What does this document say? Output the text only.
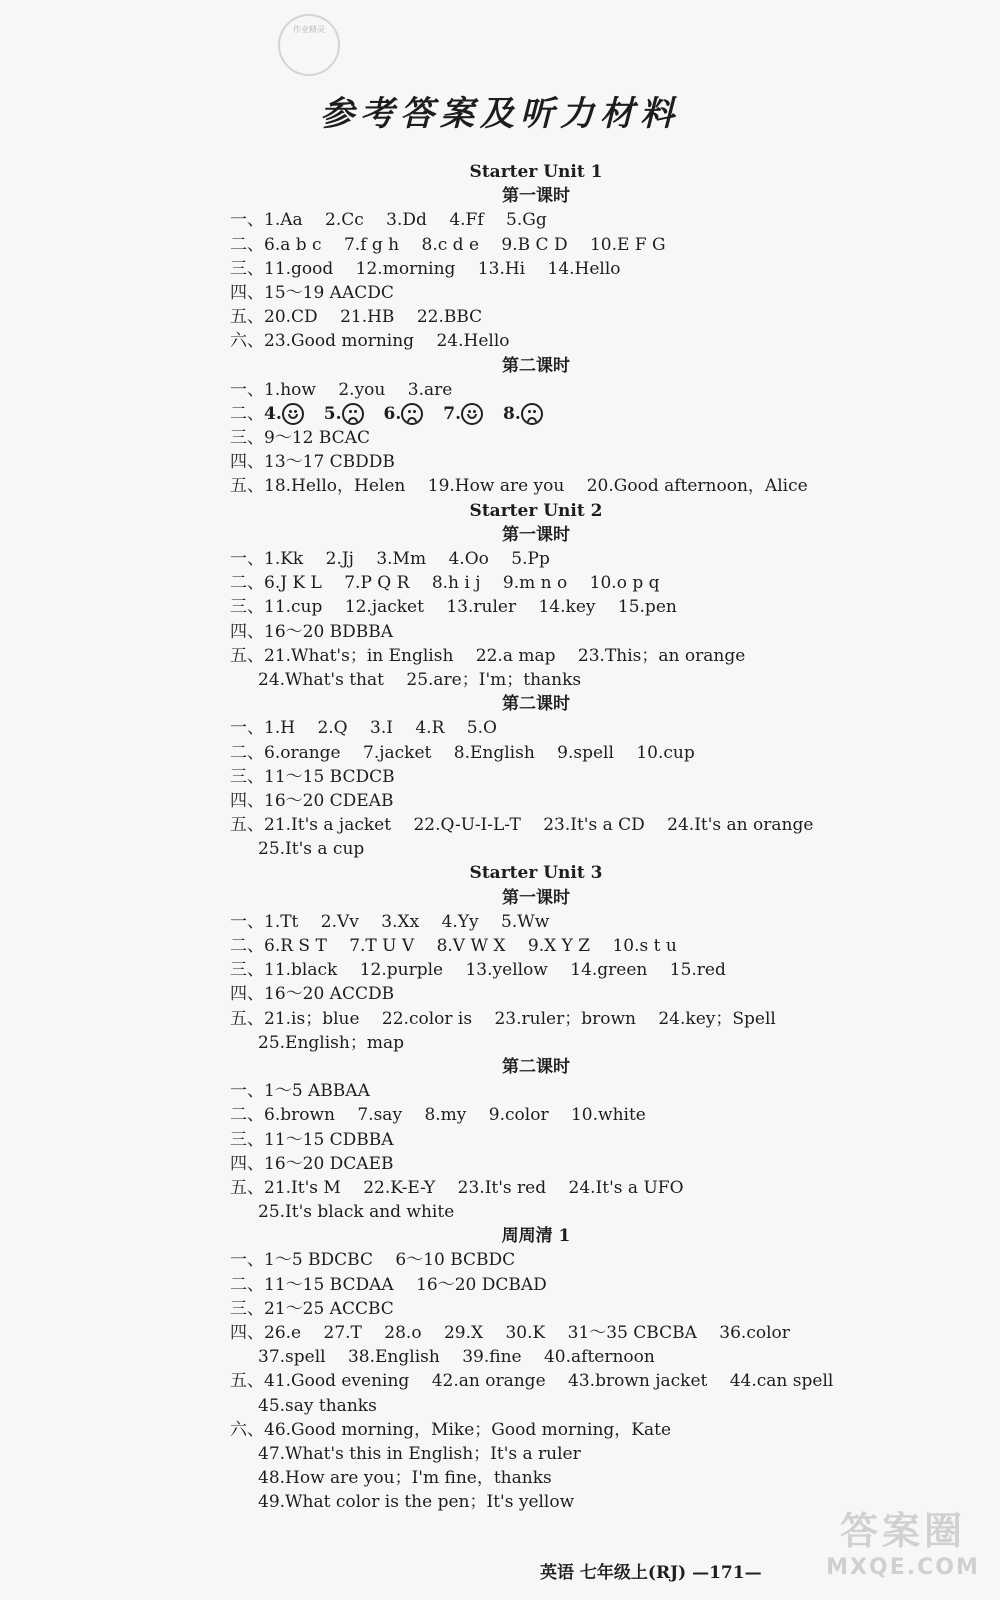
作业精灵
参考答案及听力材料
Starter Unit 1
第一课时
一、1.Aa  2.Cc  3.Dd  4.Ff  5.Gg
二、6.a b c  7.f g h  8.c d e  9.B C D  10.E F G
三、11.good  12.morning  13.Hi  14.Hello
四、15～19 AACDC
五、20.CD  21.HB  22.BBC
六、23.Good morning  24.Hello
第二课时
一、1.how  2.you  3.are
二、4. 5. 6. 7. 8.
三、9～12 BCAC
四、13～17 CBDDB
五、18.Hello，Helen  19.How are you  20.Good afternoon，Alice
Starter Unit 2
第一课时
一、1.Kk  2.Jj  3.Mm  4.Oo  5.Pp
二、6.J K L  7.P Q R  8.h i j  9.m n o  10.o p q
三、11.cup  12.jacket  13.ruler  14.key  15.pen
四、16～20 BDBBA
五、21.What's；in English  22.a map  23.This；an orange
24.What's that  25.are；I'm；thanks
第二课时
一、1.H  2.Q  3.I  4.R  5.O
二、6.orange  7.jacket  8.English  9.spell  10.cup
三、11～15 BCDCB
四、16～20 CDEAB
五、21.It's a jacket  22.Q-U-I-L-T  23.It's a CD  24.It's an orange
25.It's a cup
Starter Unit 3
第一课时
一、1.Tt  2.Vv  3.Xx  4.Yy  5.Ww
二、6.R S T  7.T U V  8.V W X  9.X Y Z  10.s t u
三、11.black  12.purple  13.yellow  14.green  15.red
四、16～20 ACCDB
五、21.is；blue  22.color is  23.ruler；brown  24.key；Spell
25.English；map
第二课时
一、1～5 ABBAA
二、6.brown  7.say  8.my  9.color  10.white
三、11～15 CDBBA
四、16～20 DCAEB
五、21.It's M  22.K-E-Y  23.It's red  24.It's a UFO
25.It's black and white
周周清 1
一、1～5 BDCBC  6～10 BCBDC
二、11～15 BCDAA  16～20 DCBAD
三、21～25 ACCBC
四、26.e  27.T  28.o  29.X  30.K  31～35 CBCBA  36.color
37.spell  38.English  39.fine  40.afternoon
五、41.Good evening  42.an orange  43.brown jacket  44.can spell
45.say thanks
六、46.Good morning，Mike；Good morning，Kate
47.What's this in English；It's a ruler
48.How are you；I'm fine，thanks
49.What color is the pen；It's yellow
英语 七年级上(RJ) —171—
答案圈
MXQE.COM
